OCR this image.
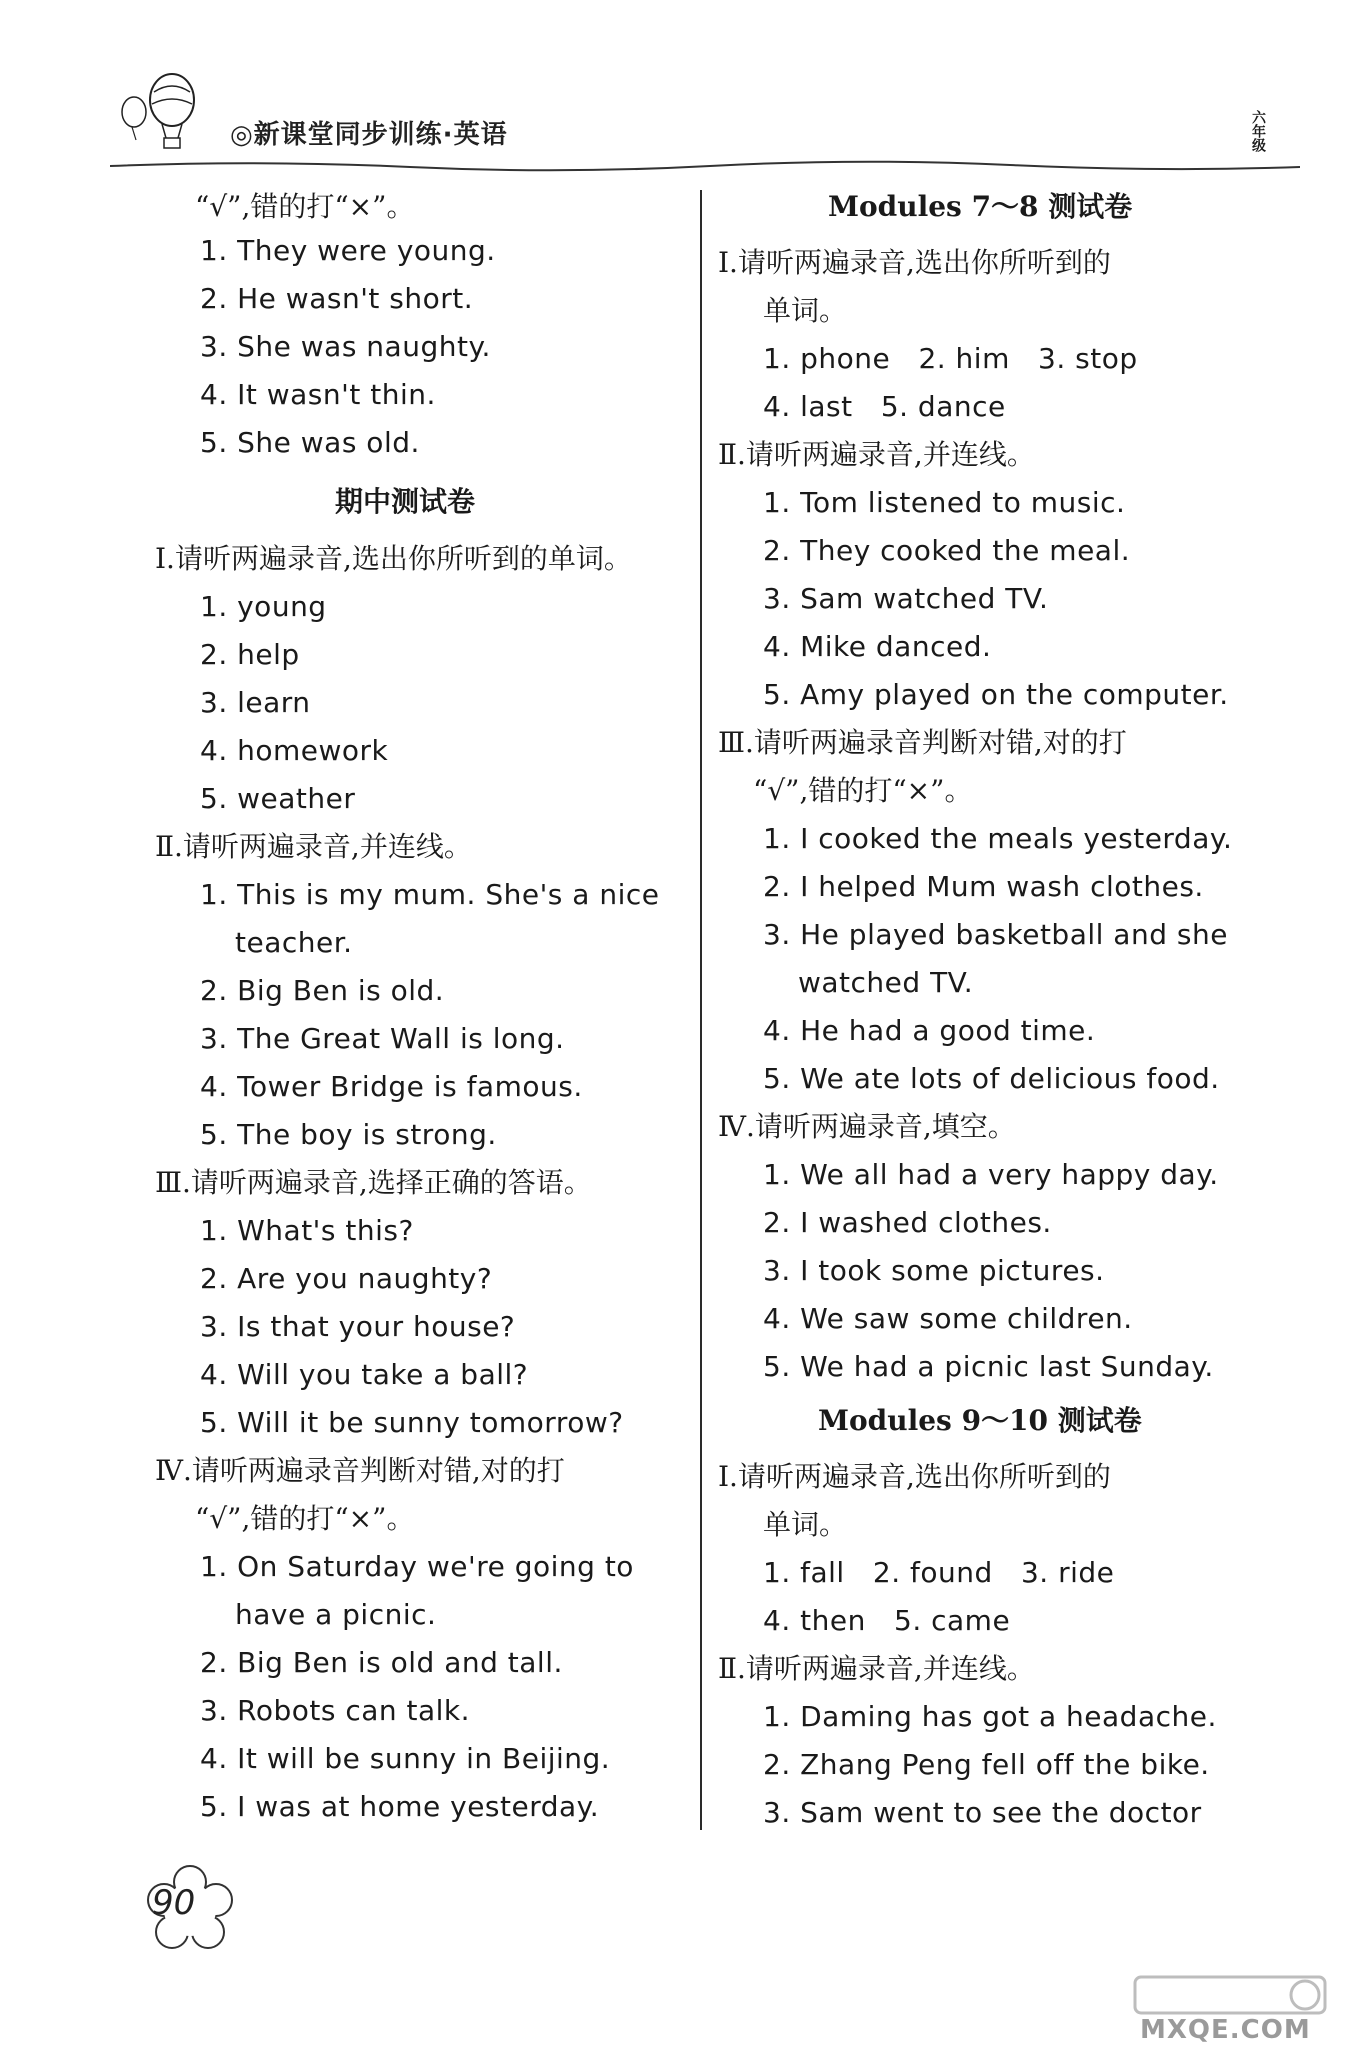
◎新课堂同步训练·英语	六年级
“√”,错的打“×”。
1. They were young.
2. He wasn't short.
3. She was naughty.
4. It wasn't thin.
5. She was old.
期中测试卷
Ⅰ.请听两遍录音,选出你所听到的单词。
1. young
2. help
3. learn
4. homework
5. weather
Ⅱ.请听两遍录音,并连线。
1. This is my mum. She's a nice
teacher.
2. Big Ben is old.
3. The Great Wall is long.
4. Tower Bridge is famous.
5. The boy is strong.
Ⅲ.请听两遍录音,选择正确的答语。
1. What's this?
2. Are you naughty?
3. Is that your house?
4. Will you take a ball?
5. Will it be sunny tomorrow?
Ⅳ.请听两遍录音判断对错,对的打
“√”,错的打“×”。
1. On Saturday we're going to
have a picnic.
2. Big Ben is old and tall.
3. Robots can talk.
4. It will be sunny in Beijing.
5. I was at home yesterday.
Modules 7～8 测试卷
Ⅰ.请听两遍录音,选出你所听到的
单词。
1. phone   2. him   3. stop
4. last   5. dance
Ⅱ.请听两遍录音,并连线。
1. Tom listened to music.
2. They cooked the meal.
3. Sam watched TV.
4. Mike danced.
5. Amy played on the computer.
Ⅲ.请听两遍录音判断对错,对的打
“√”,错的打“×”。
1. I cooked the meals yesterday.
2. I helped Mum wash clothes.
3. He played basketball and she
watched TV.
4. He had a good time.
5. We ate lots of delicious food.
Ⅳ.请听两遍录音,填空。
1. We all had a very happy day.
2. I washed clothes.
3. I took some pictures.
4. We saw some children.
5. We had a picnic last Sunday.
Modules 9～10 测试卷
Ⅰ.请听两遍录音,选出你所听到的
单词。
1. fall   2. found   3. ride
4. then   5. came
Ⅱ.请听两遍录音,并连线。
1. Daming has got a headache.
2. Zhang Peng fell off the bike.
3. Sam went to see the doctor
90
MXQE.COM
